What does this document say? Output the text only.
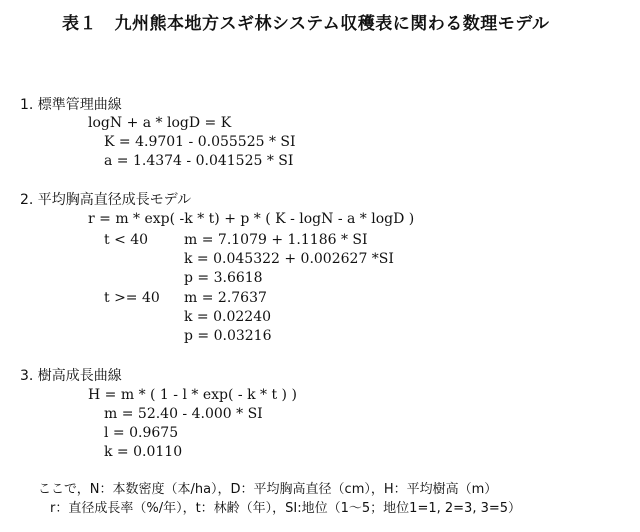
表１　九州熊本地方スギ林システム収穫表に関わる数理モデル
1. 標準管理曲線
logN + a * logD = K
K = 4.9701 - 0.055525 * SI
a = 1.4374 - 0.041525 * SI
2. 平均胸高直径成長モデル
r = m * exp( -k * t) + p * ( K - logN - a * logD )
t < 40	m = 7.1079 + 1.1186 * SI
k = 0.045322 + 0.002627 *SI
p = 3.6618
t >= 40 m = 2.7637
k = 0.02240
p = 0.03216
3. 樹高成長曲線
H = m * ( 1 - l * exp( - k * t ) )
m = 52.40 - 4.000 * SI
l = 0.9675
k = 0.0110
ここで，N：本数密度（本/ha），D：平均胸高直径（cm），H：平均樹高（m）
r：直径成長率（%/年），t：林齢（年），SI:地位（1～5；地位1=1, 2=3, 3=5）
